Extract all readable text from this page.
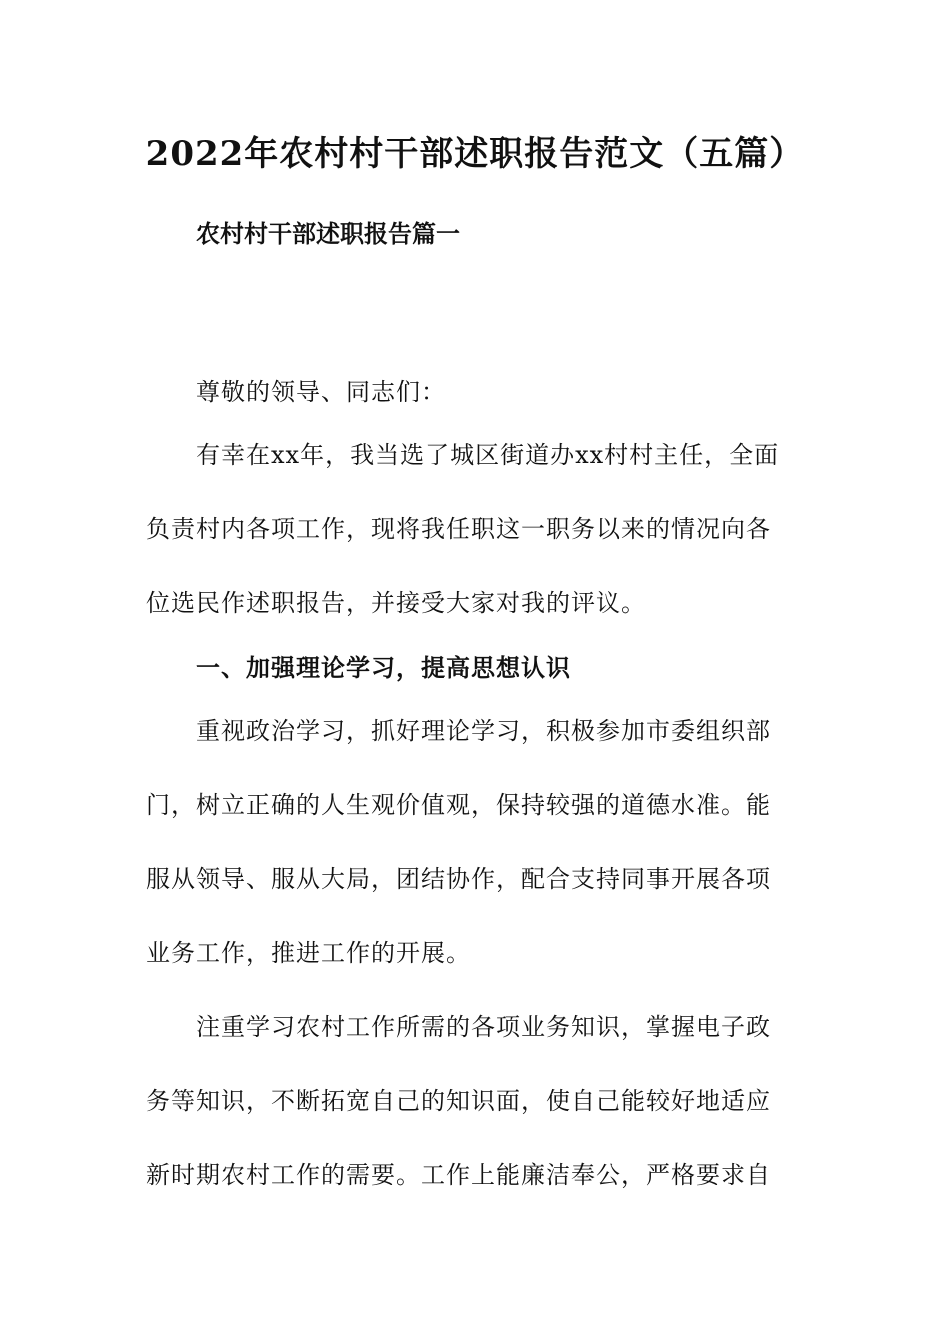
2022年农村村干部述职报告范文（五篇）
农村村干部述职报告篇一
尊敬的领导、同志们：
有幸在xx年，我当选了城区街道办xx村村主任，全面
负责村内各项工作，现将我任职这一职务以来的情况向各
位选民作述职报告，并接受大家对我的评议。
一、加强理论学习，提高思想认识
重视政治学习，抓好理论学习，积极参加市委组织部
门，树立正确的人生观价值观，保持较强的道德水准。能
服从领导、服从大局，团结协作，配合支持同事开展各项
业务工作，推进工作的开展。
注重学习农村工作所需的各项业务知识，掌握电子政
务等知识，不断拓宽自己的知识面，使自己能较好地适应
新时期农村工作的需要。工作上能廉洁奉公，严格要求自
